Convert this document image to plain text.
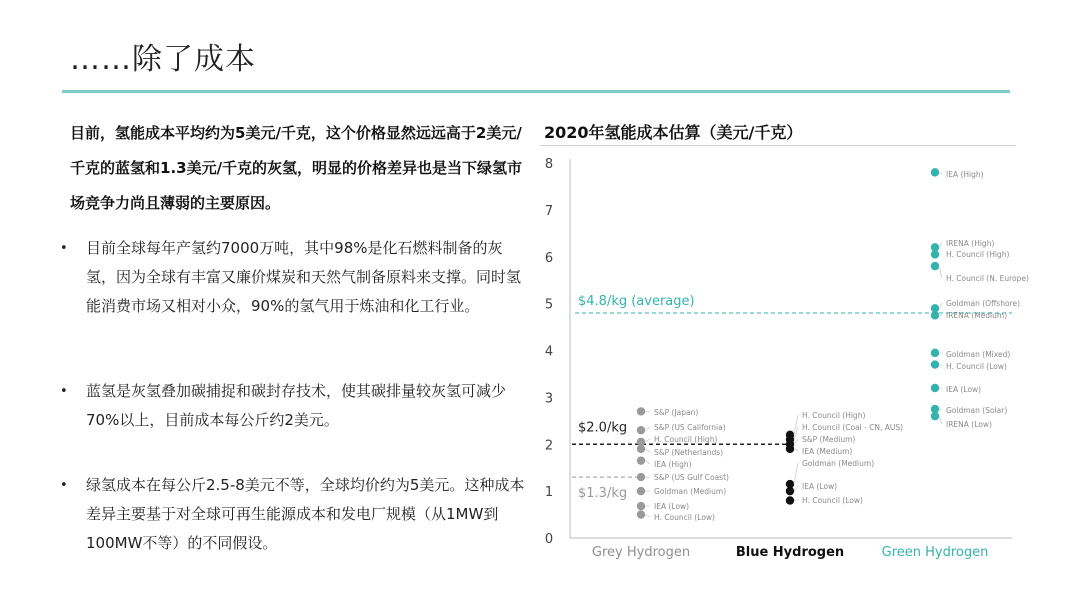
……除了成本
目前，氢能成本平均约为5美元/千克，这个价格显然远远高于2美元/千克的蓝氢和1.3美元/千克的灰氢，明显的价格差异也是当下绿氢市场竞争力尚且薄弱的主要原因。
• 目前全球每年产氢约7000万吨，其中98%是化石燃料制备的灰氢，因为全球有丰富又廉价煤炭和天然气制备原料来支撑。同时氢能消费市场又相对小众，90%的氢气用于炼油和化工行业。
• 蓝氢是灰氢叠加碳捕捉和碳封存技术，使其碳排量较灰氢可减少70%以上，目前成本每公斤约2美元。
• 绿氢成本在每公斤2.5-8美元不等，全球均价约为5美元。这种成本差异主要基于对全球可再生能源成本和发电厂规模（从1MW到100MW不等）的不同假设。
2020年氢能成本估算（美元/千克）
0
1
2
3
4
5
6
7
8
Grey Hydrogen	Blue Hydrogen	Green Hydrogen
$4.8/kg (average)
$2.0/kg
$1.3/kg
S&P (Japan)
S&P (US California)
H. Council (High)
S&P (Netherlands)
IEA (High)
S&P (US Gulf Coast)
Goldman (Medium)
IEA (Low)
H. Council (Low)
H. Council (High)
H. Council (Coal - CN, AUS)
S&P (Medium)
IEA (Medium)
Goldman (Medium)
IEA (Low)
H. Council (Low)
IEA (High)
IRENA (High)
H. Council (High)
H. Council (N. Europe)
Goldman (Offshore)
IRENA (Medium)
Goldman (Mixed)
H. Council (Low)
IEA (Low)
Goldman (Solar)
IRENA (Low)
